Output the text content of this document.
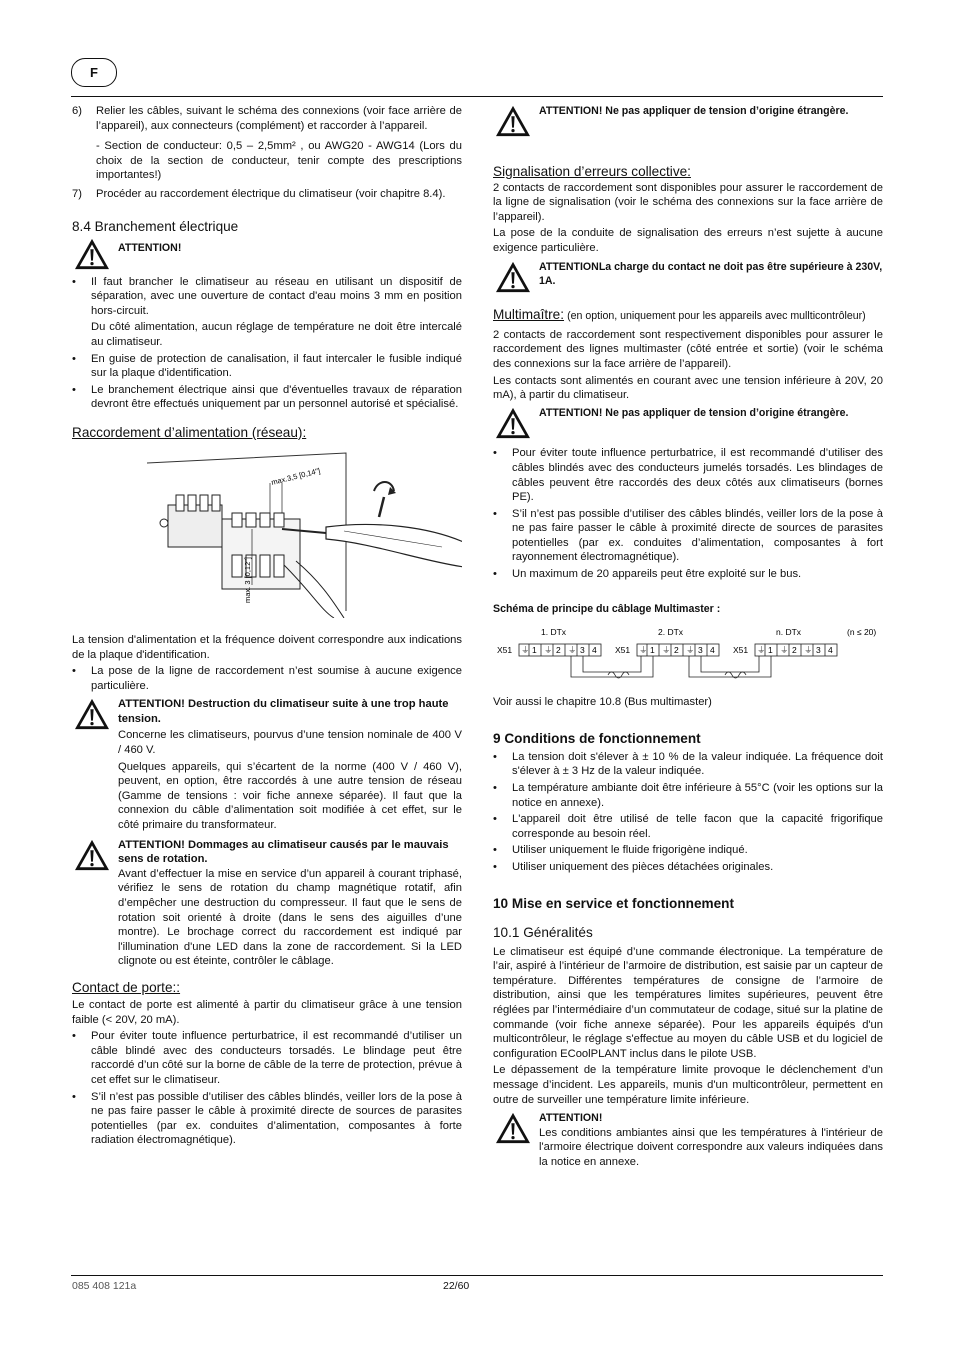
F
6)	Relier les câbles, suivant le schéma des connexions (voir face arrière de l’appareil), aux connecteurs (complément) et raccorder à l’appareil.

- Section de conducteur: 0,5 – 2,5mm² , ou AWG20 - AWG14 (Lors du choix de la section de conducteur, tenir compte des prescriptions importantes!)

7)	Procéder au raccordement électrique du climatiseur (voir chapitre 8.4).
8.4 Branchement électrique
ATTENTION!
•	Il faut brancher le climatiseur au réseau en utilisant un dispositif de séparation, avec une ouverture de contact d'eau moins 3 mm en position hors-circuit.

Du côté alimentation, aucun réglage de température ne doit être intercalé au climatiseur.

•	En guise de protection de canalisation, il faut intercaler le fusible indiqué sur la plaque d'identification.
•	Le branchement électrique ainsi que d'éventuelles travaux de réparation devront être effectués uniquement par un personnel autorisé et spécialisé.
Raccordement d’alimentation (réseau):
max.3,5 [0,14"]
max. 3 [0,12"]

La tension d'alimentation et la fréquence doivent correspondre aux indications de la plaque d'identification.

•	La pose de la ligne de raccordement n’est soumise à aucune exigence particulière.
ATTENTION! Destruction du climatiseur suite à une trop haute tension.

Concerne les climatiseurs, pourvus d’une tension nominale de 400 V / 460 V.

Quelques appareils, qui s’écartent de la norme (400 V / 460 V), peuvent, en option, être raccordés à une autre tension de réseau (Gamme de tensions : voir fiche annexe séparée). Il faut que la connexion du câble d’alimentation soit modifiée à cet effet, sur le côté primaire du transformateur.

ATTENTION! Dommages au climatiseur causés par le mauvais sens de rotation.

Avant d’effectuer la mise en service d’un appareil à courant triphasé, vérifiez le sens de rotation du champ magnétique rotatif, afin d’empêcher une destruction du compresseur. Il faut que le sens de rotation soit orienté à droite (dans le sens des aiguilles d’une montre). Le brochage correct du raccordement est indiqué par l'illumination d'une LED dans la zone de raccordement. Si la LED clignote ou est éteinte, contrôler le câblage.

Contact de porte::

Le contact de porte est alimenté à partir du climatiseur grâce à une tension faible (< 20V, 20 mA).

•	Pour éviter toute influence perturbatrice, il est recommandé d’utiliser un câble blindé avec des conducteurs torsadés. Le blindage peut être raccordé d’un côté sur la borne de câble de la terre de protection, prévue à cet effet sur le climatiseur.
•	S’il n’est pas possible d’utiliser des câbles blindés, veiller lors de la pose à ne pas faire passer le câble à proximité directe de sources de parasites potentielles (par ex. conduites d’alimentation, composantes à forte radiation électromagnétique).
ATTENTION! Ne pas appliquer de tension d’origine étrangère.
Signalisation d’erreurs collective:

2 contacts de raccordement sont disponibles pour assurer le raccordement de la ligne de signalisation (voir le schéma des connexions sur la face arrière de l’appareil).

La pose de la conduite de signalisation des erreurs n’est sujette à aucune exigence particulière.

ATTENTIONLa charge du contact ne doit pas être supérieure à 230V, 1A.
Multimaître: (en option, uniquement pour les appareils avec mullticontrôleur)

2 contacts de raccordement sont respectivement disponibles pour assurer le raccordement des lignes multimaster (côté entrée et sortie) (voir le schéma des connexions sur la face arrière de l’appareil).

Les contacts sont alimentés en courant avec une tension inférieure à 20V, 20 mA), à partir du climatiseur.

ATTENTION! Ne pas appliquer de tension d’origine étrangère.
•	Pour éviter toute influence perturbatrice, il est recommandé d’utiliser des câbles blindés avec des conducteurs jumelés torsadés. Les blindages de câbles peuvent être raccordés des deux côtés aux climatiseurs (bornes PE).
•	S’il n’est pas possible d’utiliser des câbles blindés, veiller lors de la pose à ne pas faire passer le câble à proximité directe de sources de parasites potentielles (par ex. conduites d’alimentation, composantes à fort rayonnement électromagnétique).
•	Un maximum de 20 appareils peut être exploité sur le bus.
Schéma de principe du câblage Multimaster :
1. DTx	2. DTx	n. DTx	(n ≤ 20)
X51 ⏚ 1 ⏚ 2 ⏚ 3 4 X51 ⏚ 1 ⏚ 2 ⏚ 3 4 X51 ⏚ 1 ⏚ 2 ⏚ 3 4

Voir aussi le chapitre 10.8 (Bus multimaster)

9 Conditions de fonctionnement
•	La tension doit s'élever à ± 10 % de la valeur indiquée. La fréquence doit s'élever à ± 3 Hz de la valeur indiquée.
•	La température ambiante doit être inférieure à 55°C (voir les options sur la notice en annexe).
•	L'appareil doit être utilisé de telle facon que la capacité frigorifique corresponde au besoin réel.
•	Utiliser uniquement le fluide frigorigène indiqué.
•	Utiliser uniquement des pièces détachées originales.
10 Mise en service et fonctionnement
10.1 Généralités

Le climatiseur est équipé d’une commande électronique. La température de l’air, aspiré à l’intérieur de l’armoire de distribution, est saisie par un capteur de température. Différentes températures de consigne de l’armoire de distribution, ainsi que les températures limites supérieures, peuvent être réglées par l’intermédiaire d’un commutateur de codage, situé sur la platine de commande (voir fiche annexe séparée). Pour les appareils équipés d'un multicontrôleur, le réglage s'effectue au moyen du câble USB et du logiciel de configuration ECoolPLANT inclus dans le pilote USB.

Le dépassement de la température limite provoque le déclenchement d’un message d’incident. Les appareils, munis d'un multicontrôleur, permettent en outre de surveiller une température limite inférieure.

ATTENTION!

Les conditions ambiantes ainsi que les températures à l'intérieur de l'armoire électrique doivent correspondre aux valeurs indiquées dans la notice en annexe.

085 408 121a	22/60
